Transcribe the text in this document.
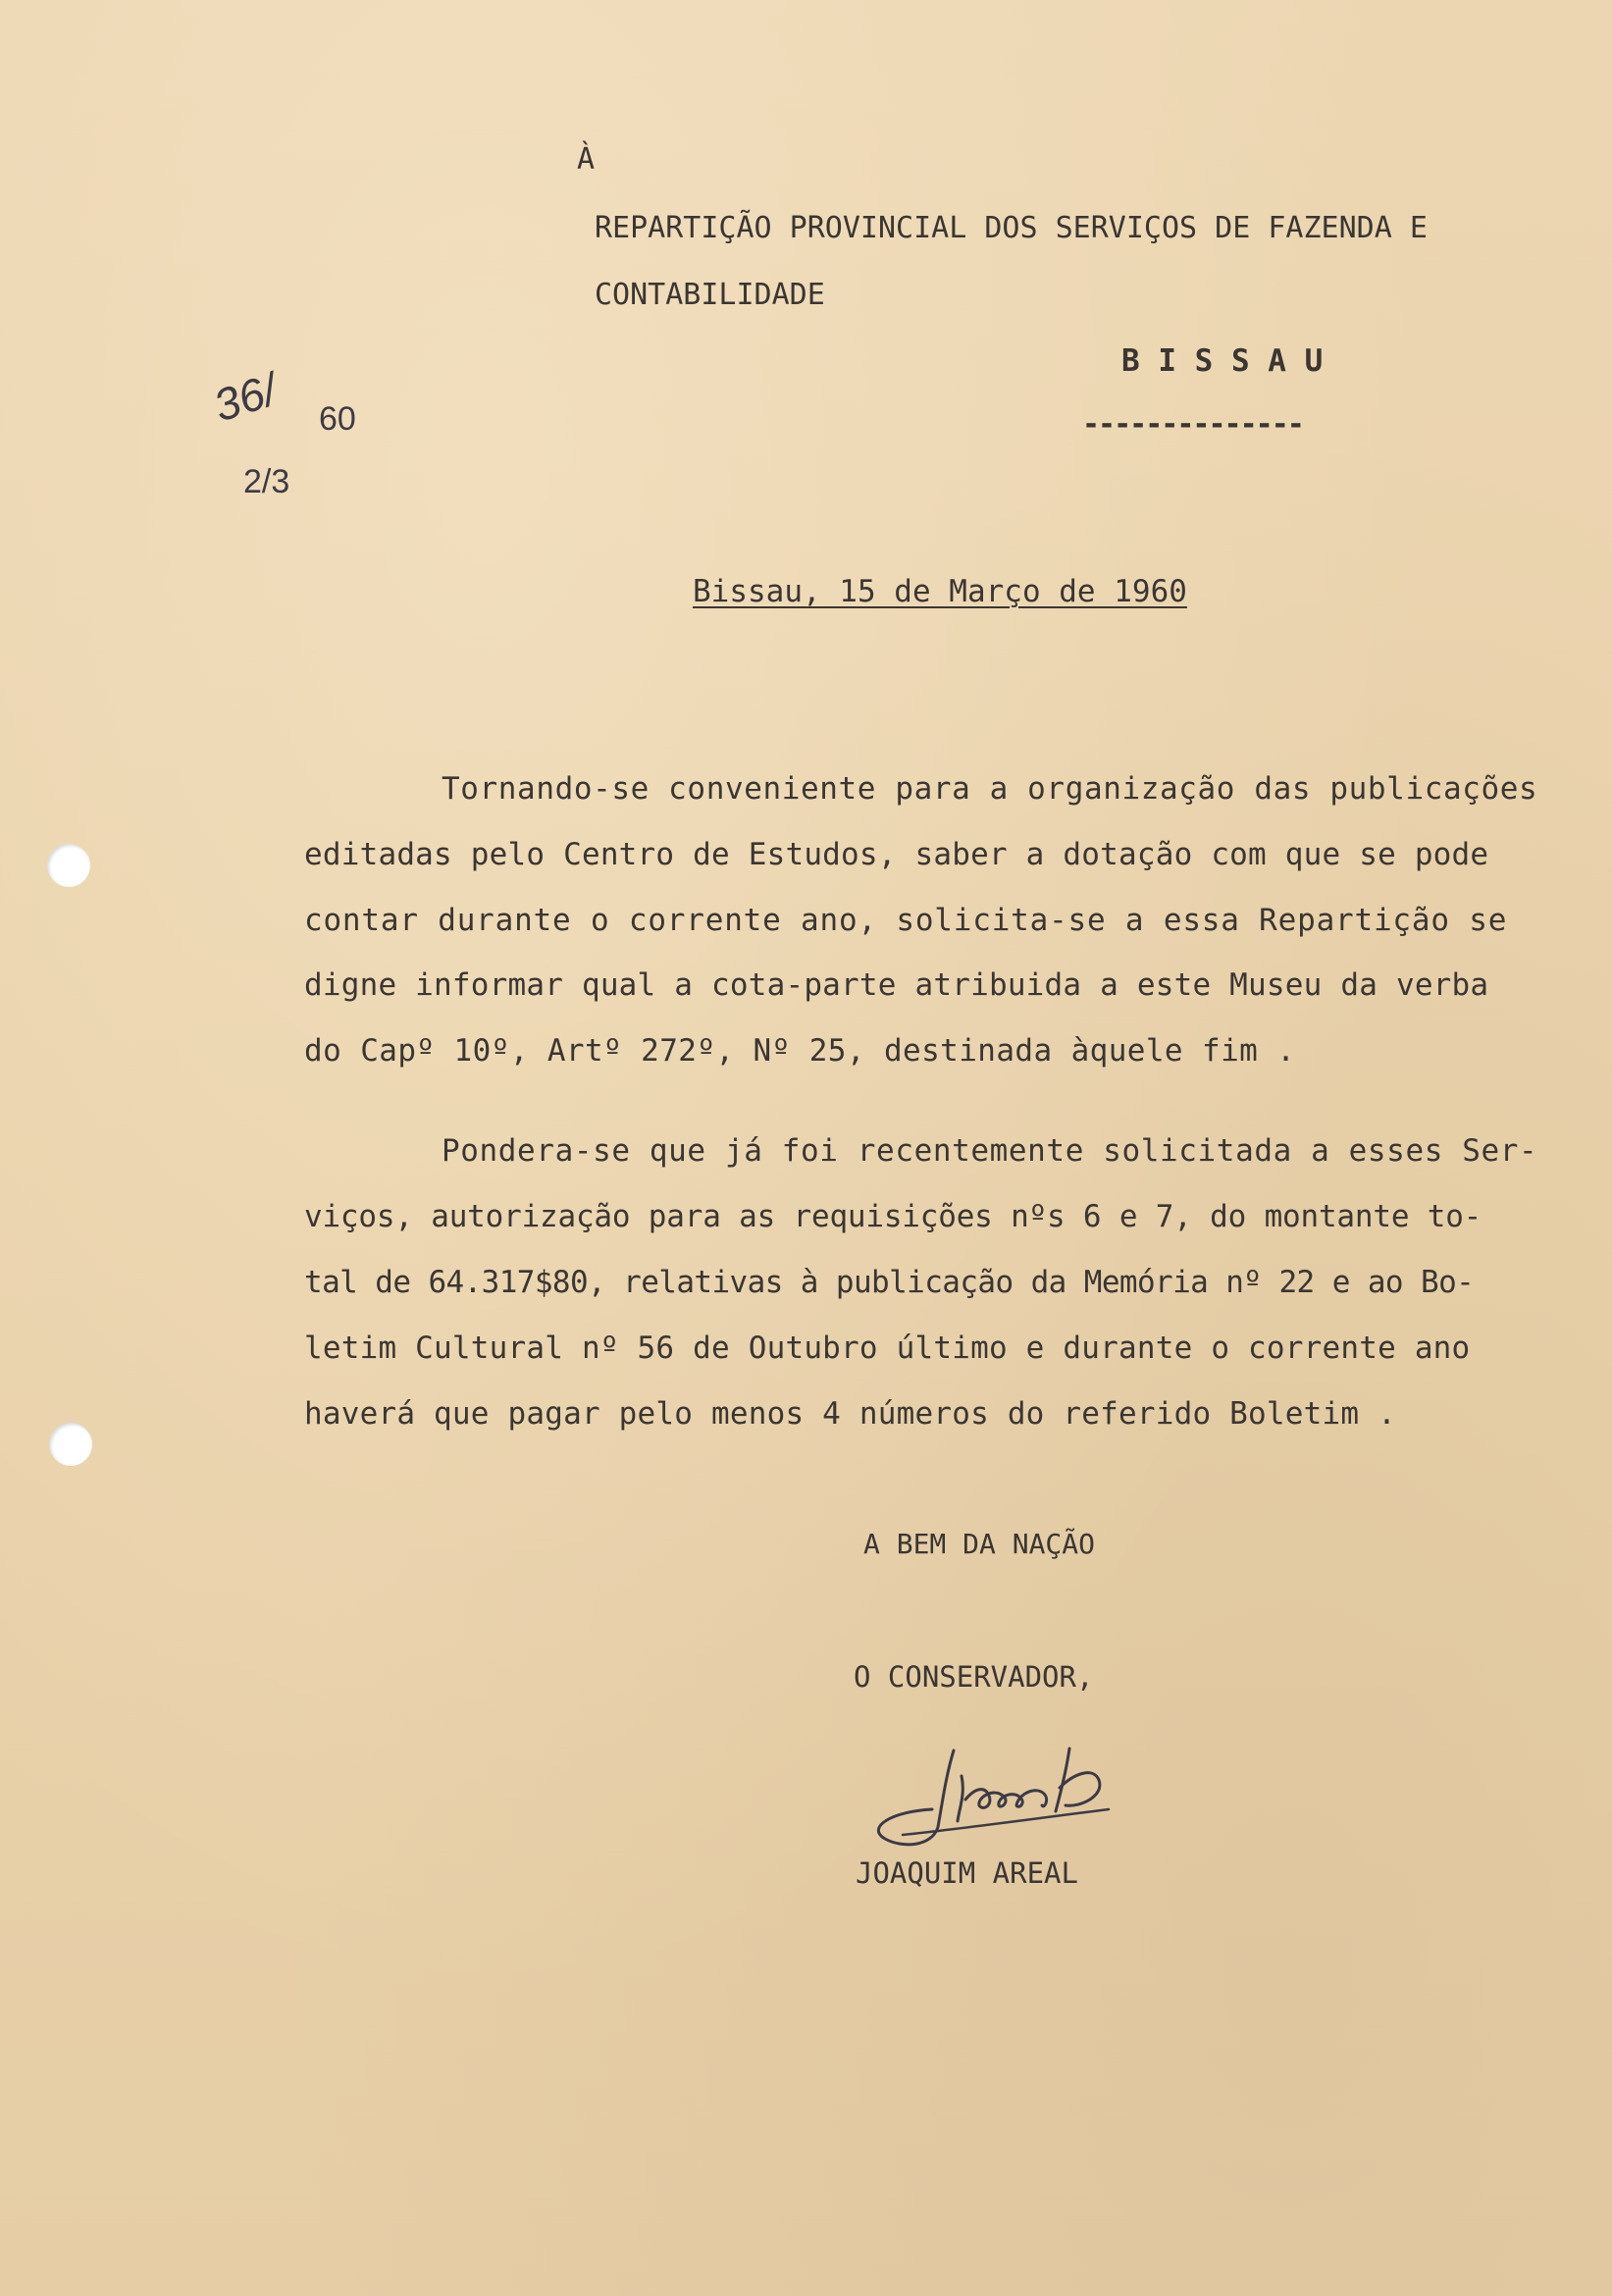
À
REPARTIÇÃO PROVINCIAL DOS SERVIÇOS DE FAZENDA E
CONTABILIDADE
B I S S A U
--------------
36/ 60
2/3
Bissau, 15 de Março de 1960
Tornando-se conveniente para a organização das publicações
editadas pelo Centro de Estudos, saber a dotação com que se pode
contar durante o corrente ano, solicita-se a essa Repartição se
digne informar qual a cota-parte atribuida a este Museu da verba
do Capº 10º, Artº 272º, Nº 25, destinada àquele fim .
Pondera-se que já foi recentemente solicitada a esses Ser-
viços, autorização para as requisições nºs 6 e 7, do montante to-
tal de 64.317$80, relativas à publicação da Memória nº 22 e ao Bo-
letim Cultural nº 56 de Outubro último e durante o corrente ano
haverá que pagar pelo menos 4 números do referido Boletim .
A BEM DA NAÇÃO
O CONSERVADOR,
JOAQUIM AREAL
